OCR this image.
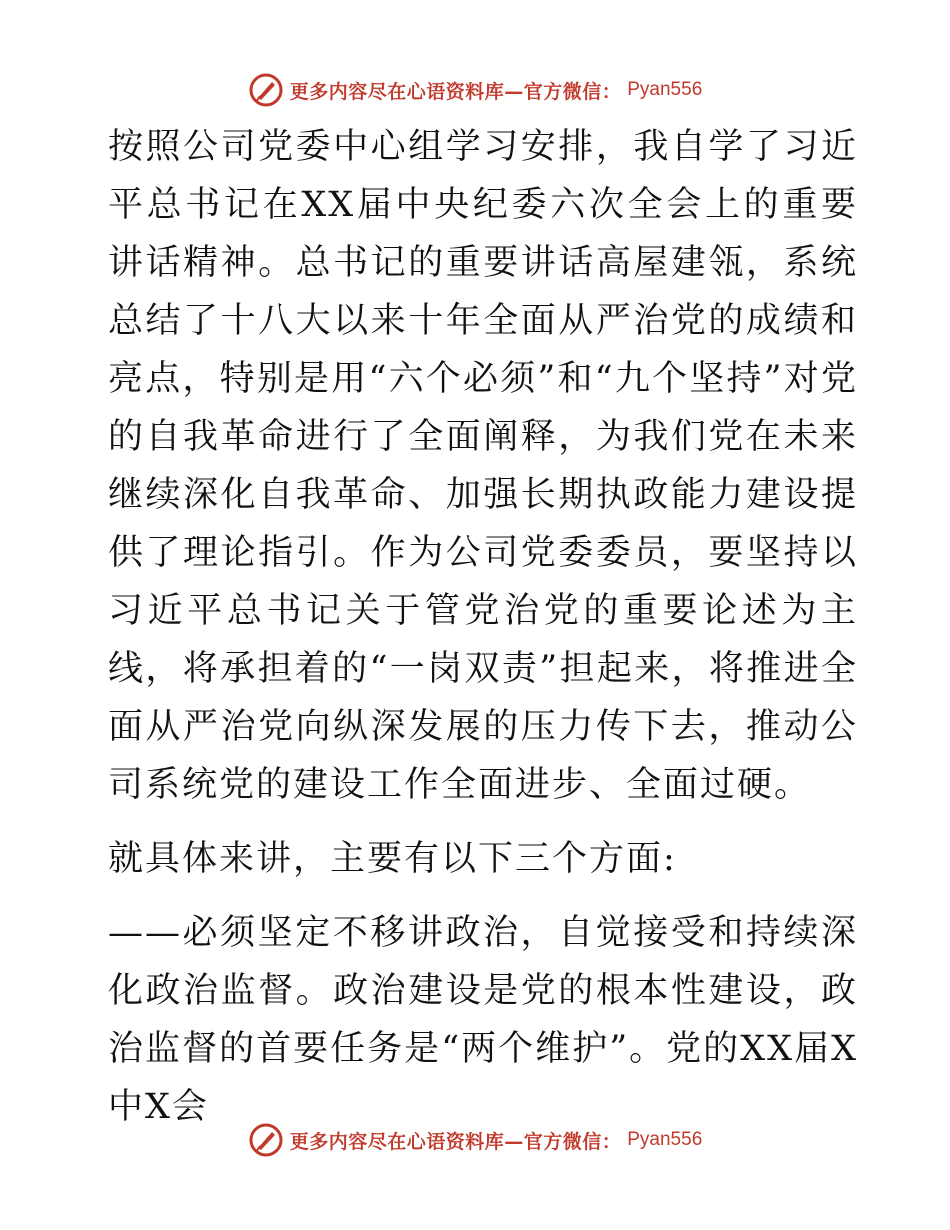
更多内容尽在心语资料库—官方微信： Pyan556

按照公司党委中心组学习安排，我自学了习近平总书记在XX届中央纪委六次全会上的重要讲话精神。总书记的重要讲话高屋建瓴，系统总结了十八大以来十年全面从严治党的成绩和亮点，特别是用“六个必须”和“九个坚持”对党的自我革命进行了全面阐释，为我们党在未来继续深化自我革命、加强长期执政能力建设提供了理论指引。作为公司党委委员，要坚持以习近平总书记关于管党治党的重要论述为主线，将承担着的“一岗双责”担起来，将推进全面从严治党向纵深发展的压力传下去，推动公司系统党的建设工作全面进步、全面过硬。

就具体来讲，主要有以下三个方面:

——必须坚定不移讲政治，自觉接受和持续深化政治监督。政治建设是党的根本性建设，政治监督的首要任务是“两个维护”。党的XX届X中X会

更多内容尽在心语资料库—官方微信： Pyan556
